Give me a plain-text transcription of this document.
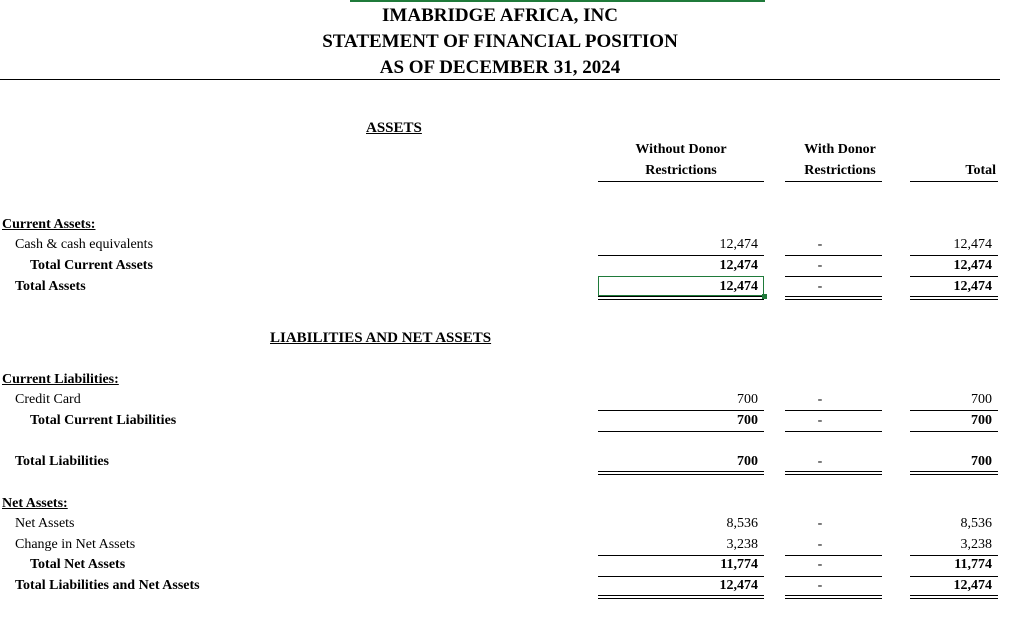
IMABRIDGE AFRICA, INC
STATEMENT OF FINANCIAL POSITION
AS OF DECEMBER 31, 2024
ASSETS
Without Donor
Restrictions
With Donor
Restrictions	Total
Current Assets:
Cash & cash equivalents	12,474	-	12,474
Total Current Assets	12,474	-	12,474
Total Assets	12,474	-	12,474
LIABILITIES AND NET ASSETS
Current Liabilities:
Credit Card	700	-	700
Total Current Liabilities	700	-	700
Total Liabilities	700	-	700
Net Assets:
Net Assets	8,536	-	8,536
Change in Net Assets	3,238	-	3,238
Total Net Assets	11,774	-	11,774
Total Liabilities and Net Assets	12,474	-	12,474
